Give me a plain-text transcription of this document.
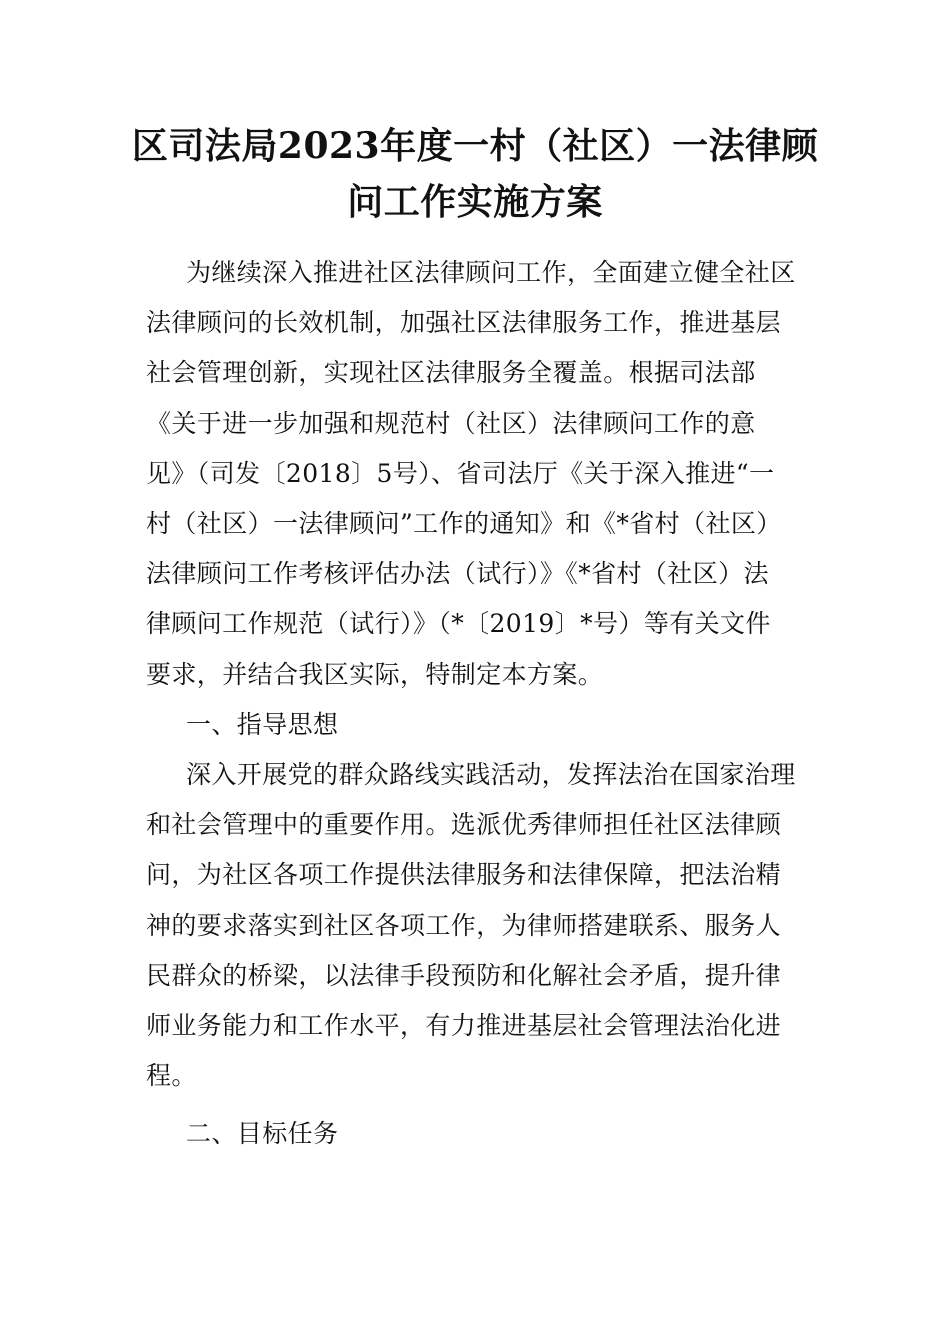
区司法局2023年度一村（社区）一法律顾
问工作实施方案

为继续深入推进社区法律顾问工作，全面建立健全社区

法律顾问的长效机制，加强社区法律服务工作，推进基层

社会管理创新，实现社区法律服务全覆盖。根据司法部

《关于进一步加强和规范村（社区）法律顾问工作的意

见》（司发〔2018〕5号）、省司法厅《关于深入推进“一

村（社区）一法律顾问”工作的通知》和《*省村（社区）

法律顾问工作考核评估办法（试行）》《*省村（社区）法

律顾问工作规范（试行）》（*〔2019〕*号）等有关文件

要求，并结合我区实际，特制定本方案。

一、指导思想

深入开展党的群众路线实践活动，发挥法治在国家治理

和社会管理中的重要作用。选派优秀律师担任社区法律顾

问，为社区各项工作提供法律服务和法律保障，把法治精

神的要求落实到社区各项工作，为律师搭建联系、服务人

民群众的桥梁，以法律手段预防和化解社会矛盾，提升律

师业务能力和工作水平，有力推进基层社会管理法治化进

程。

二、目标任务
